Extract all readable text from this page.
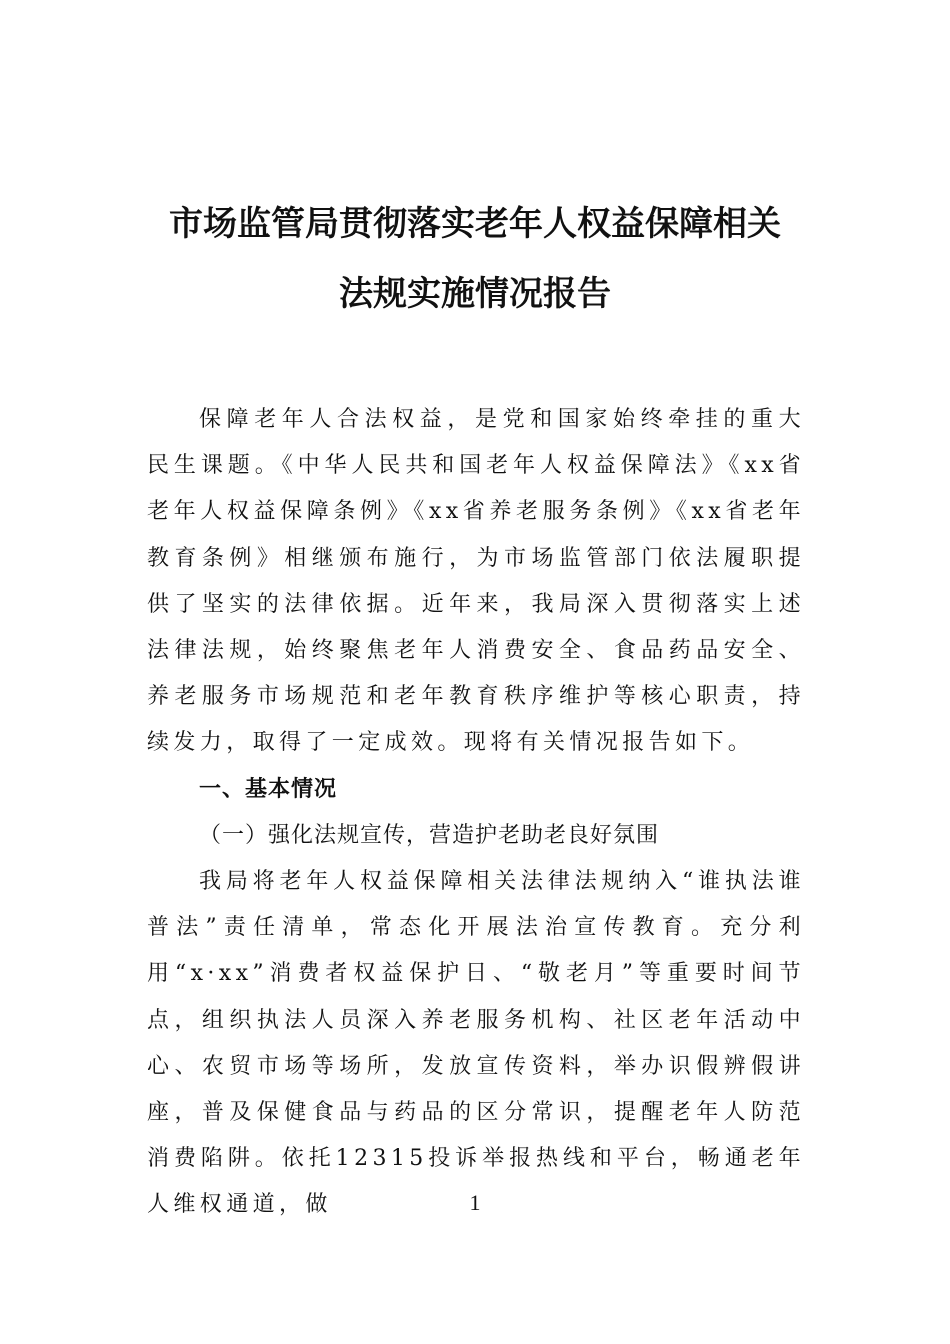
市场监管局贯彻落实老年人权益保障相关
法规实施情况报告

保障老年人合法权益，是党和国家始终牵挂的重大民生课题。《中华人民共和国老年人权益保障法》《xx省老年人权益保障条例》《xx省养老服务条例》《xx省老年教育条例》相继颁布施行，为市场监管部门依法履职提供了坚实的法律依据。近年来，我局深入贯彻落实上述法律法规，始终聚焦老年人消费安全、食品药品安全、养老服务市场规范和老年教育秩序维护等核心职责，持续发力，取得了一定成效。现将有关情况报告如下。

一、基本情况

（一）强化法规宣传，营造护老助老良好氛围

我局将老年人权益保障相关法律法规纳入“谁执法谁普法”责任清单，常态化开展法治宣传教育。充分利用“x·xx”消费者权益保护日、“敬老月”等重要时间节点，组织执法人员深入养老服务机构、社区老年活动中心、农贸市场等场所，发放宣传资料，举办识假辨假讲座，普及保健食品与药品的区分常识，提醒老年人防范消费陷阱。依托12315投诉举报热线和平台，畅通老年人维权通道，做	1
